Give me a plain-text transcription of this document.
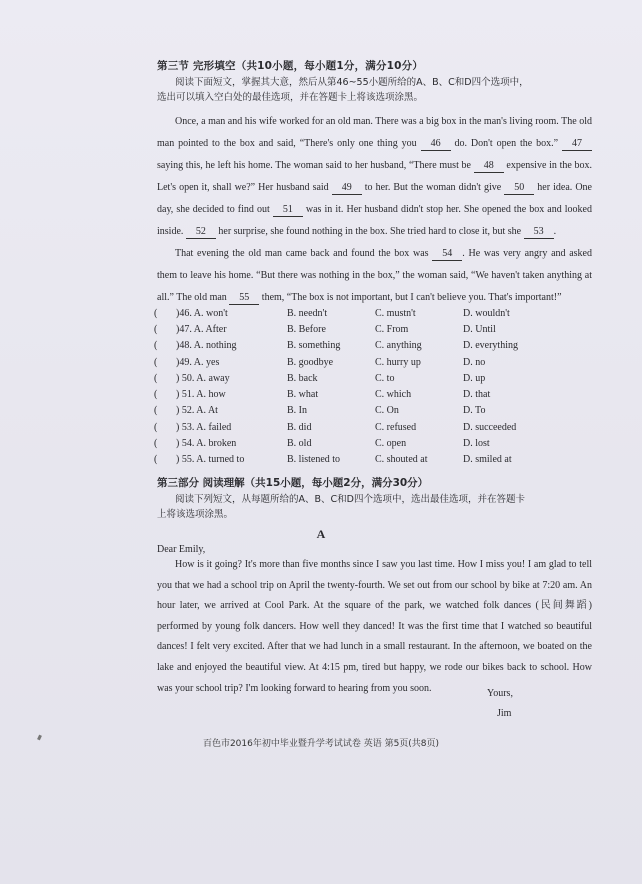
第三节 完形填空（共10小题，每小题1分，满分10分）
阅读下面短文，掌握其大意，然后从第46~55小题所给的A、B、C和D四个选项中，
选出可以填入空白处的最佳选项，并在答题卡上将该选项涂黑。

Once, a man and his wife worked for an old man. There was a big box in the man's living room. The old man pointed to the box and said, “There's only one thing you 46 do. Don't open the box.” 47 saying this, he left his home. The woman said to her husband, “There must be 48 expensive in the box. Let's open it, shall we?” Her husband said 49 to her. But the woman didn't give 50 her idea. One day, she decided to find out 51 was in it. Her husband didn't stop her. She opened the box and looked inside. 52 her surprise, she found nothing in the box. She tried hard to close it, but she 53 .

That evening the old man came back and found the box was 54 . He was very angry and asked them to leave his home. “But there was nothing in the box,” the woman said, “We haven't taken anything at all.” The old man 55 them, “The box is not important, but I can't believe you. That's important!”

(	)46. A. won't	B. needn't	C. mustn't	D. wouldn't
(	)47. A. After	B. Before	C. From	D. Until
(	)48. A. nothing	B. something	C. anything	D. everything
(	)49. A. yes	B. goodbye	C. hurry up	D. no
(	) 50. A. away	B. back	C. to	D. up
(	) 51. A. how	B. what	C. which	D. that
(	) 52. A. At	B. In	C. On	D. To
(	) 53. A. failed	B. did	C. refused	D. succeeded
(	) 54. A. broken	B. old	C. open	D. lost
(	) 55. A. turned to	B. listened to	C. shouted at	D. smiled at
第三部分 阅读理解（共15小题，每小题2分，满分30分）
阅读下列短文，从每题所给的A、B、C和D四个选项中，选出最佳选项，并在答题卡
上将该选项涂黑。
A
Dear Emily,
How is it going? It's more than five months since I saw you last time. How I miss you! I am glad to tell you that we had a school trip on April the twenty-fourth. We set out from our school by bike at 7:20 am. An hour later, we arrived at Cool Park. At the square of the park, we watched folk dances (民间舞蹈) performed by young folk dancers. How well they danced! It was the first time that I watched so beautiful dances! I felt very excited. After that we had lunch in a small restaurant. In the afternoon, we boated on the lake and enjoyed the beautiful view. At 4:15 pm, tired but happy, we rode our bikes back to school. How was your school trip? I'm looking forward to hearing from you soon.	Yours,
Jim
百色市2016年初中毕业暨升学考试试卷 英语 第5页(共8页)
